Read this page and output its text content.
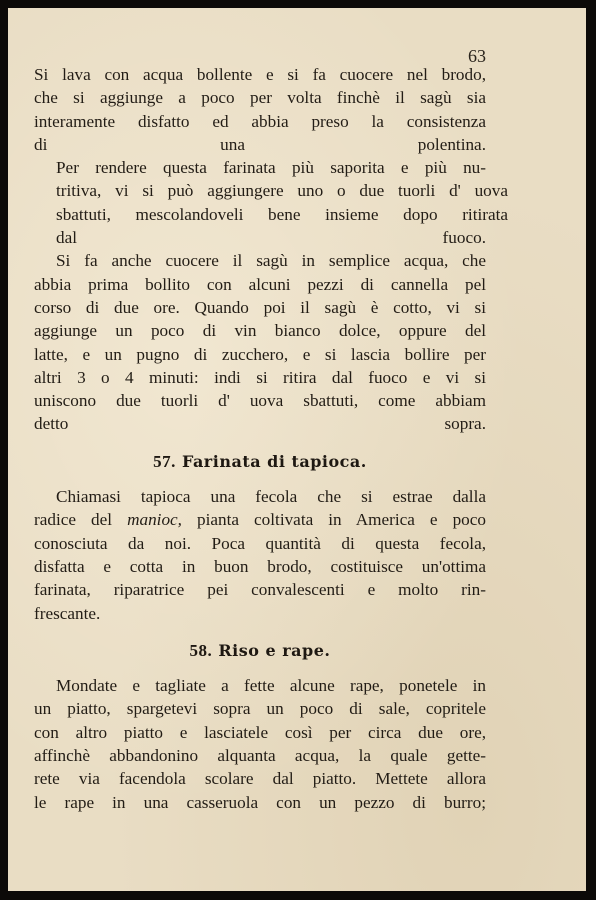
63

Si lava con acqua bollente e si fa cuocere nel brodo,
che si aggiunge a poco per volta finchè il sagù sia
interamente disfatto ed abbia preso la consistenza
di una polentina.

Per rendere questa farinata più saporita e più nu-
tritiva, vi si può aggiungere uno o due tuorli d' uova
sbattuti, mescolandoveli bene insieme dopo ritirata
dal fuoco.

Si fa anche cuocere il sagù in semplice acqua, che
abbia prima bollito con alcuni pezzi di cannella pel
corso di due ore. Quando poi il sagù è cotto, vi si
aggiunge un poco di vin bianco dolce, oppure del
latte, e un pugno di zucchero, e si lascia bollire per
altri 3 o 4 minuti: indi si ritira dal fuoco e vi si
uniscono due tuorli d' uova sbattuti, come abbiam
detto sopra.

57. Farinata di tapioca.

Chiamasi tapioca una fecola che si estrae dalla
radice del manioc, pianta coltivata in America e poco
conosciuta da noi. Poca quantità di questa fecola,
disfatta e cotta in buon brodo, costituisce un'ottima
farinata, riparatrice pei convalescenti e molto rin-
frescante.

58. Riso e rape.

Mondate e tagliate a fette alcune rape, ponetele in
un piatto, spargetevi sopra un poco di sale, copritele
con altro piatto e lasciatele così per circa due ore,
affinchè abbandonino alquanta acqua, la quale gette-
rete via facendola scolare dal piatto. Mettete allora
le rape in una casseruola con un pezzo di burro;
